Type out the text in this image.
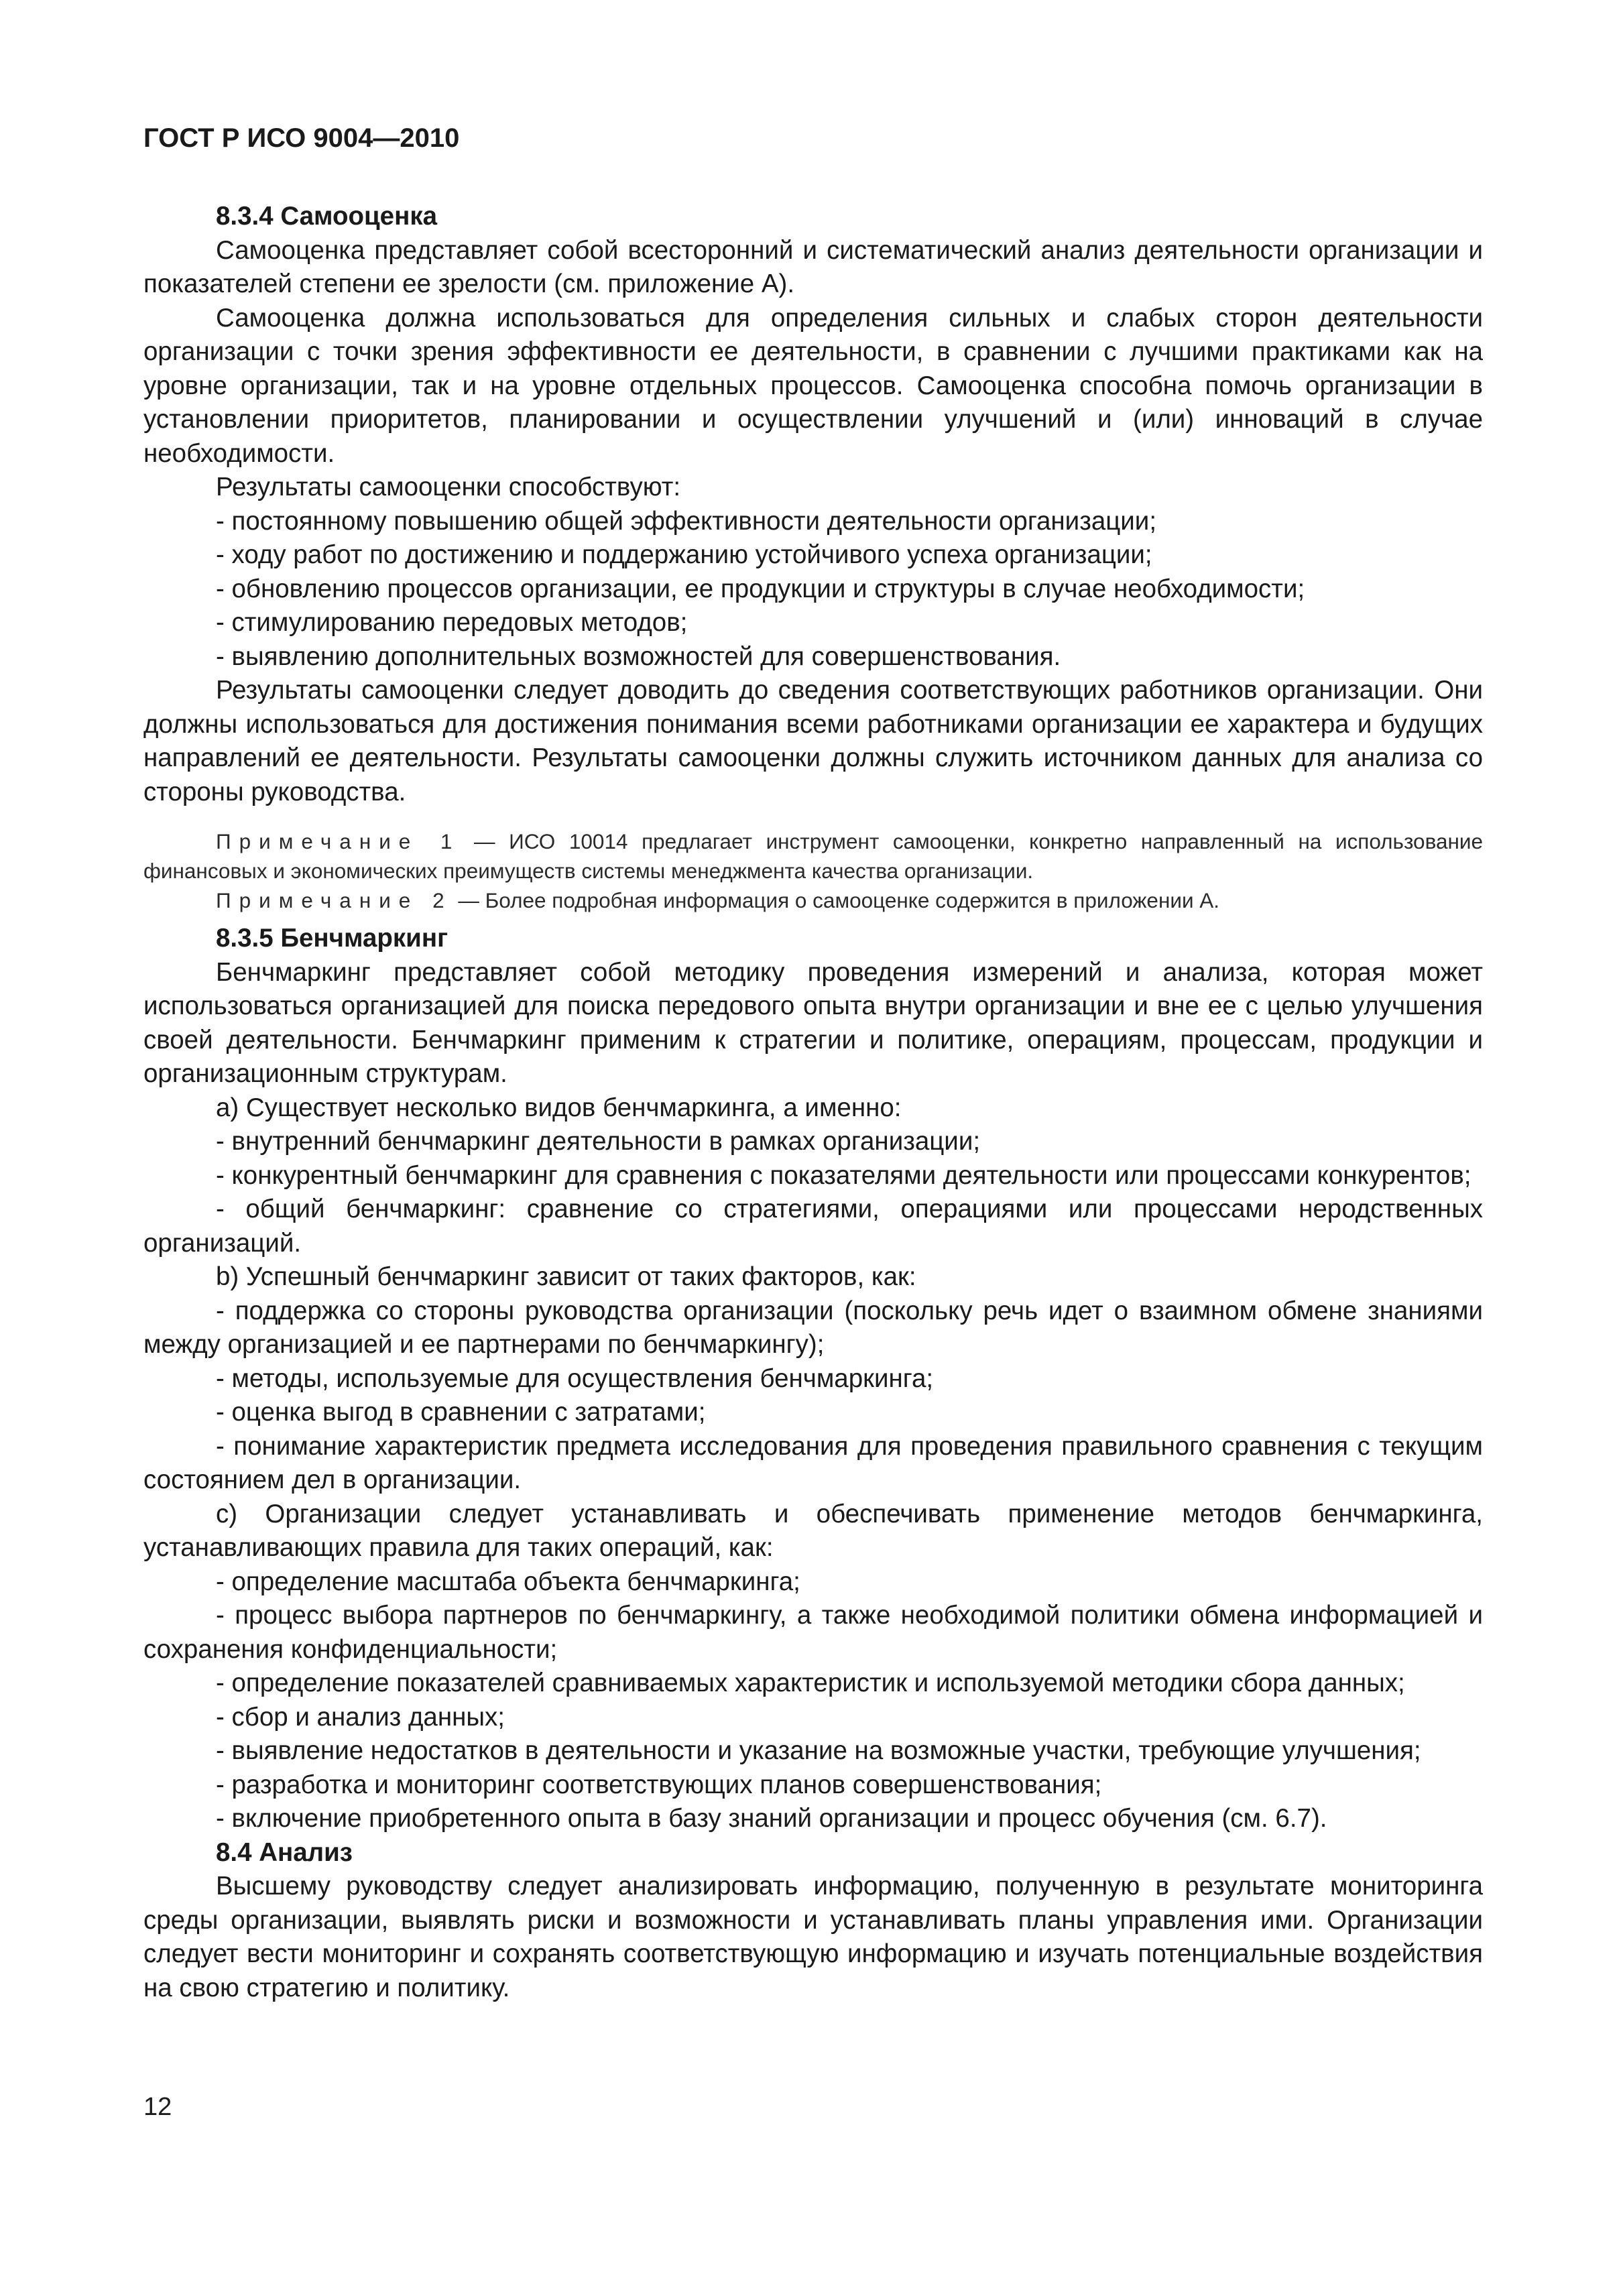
ГОСТ Р ИСО 9004—2010

8.3.4 Самооценка

Самооценка представляет собой всесторонний и систематический анализ деятельности организации и показателей степени ее зрелости (см. приложение А).

Самооценка должна использоваться для определения сильных и слабых сторон деятельности организации с точки зрения эффективности ее деятельности, в сравнении с лучшими практиками как на уровне организации, так и на уровне отдельных процессов. Самооценка способна помочь организации в установлении приоритетов, планировании и осуществлении улучшений и (или) инноваций в случае необходимости.

Результаты самооценки способствуют:

- постоянному повышению общей эффективности деятельности организации;

- ходу работ по достижению и поддержанию устойчивого успеха организации;

- обновлению процессов организации, ее продукции и структуры в случае необходимости;

- стимулированию передовых методов;

- выявлению дополнительных возможностей для совершенствования.

Результаты самооценки следует доводить до сведения соответствующих работников организации. Они должны использоваться для достижения понимания всеми работниками организации ее характера и будущих направлений ее деятельности. Результаты самооценки должны служить источником данных для анализа со стороны руководства.

Примечание 1 — ИСО 10014 предлагает инструмент самооценки, конкретно направленный на использование финансовых и экономических преимуществ системы менеджмента качества организации.

Примечание 2 — Более подробная информация о самооценке содержится в приложении А.

8.3.5 Бенчмаркинг

Бенчмаркинг представляет собой методику проведения измерений и анализа, которая может использоваться организацией для поиска передового опыта внутри организации и вне ее с целью улучшения своей деятельности. Бенчмаркинг применим к стратегии и политике, операциям, процессам, продукции и организационным структурам.

а) Существует несколько видов бенчмаркинга, а именно:

- внутренний бенчмаркинг деятельности в рамках организации;

- конкурентный бенчмаркинг для сравнения с показателями деятельности или процессами конкурентов;

- общий бенчмаркинг: сравнение со стратегиями, операциями или процессами неродственных организаций.

b) Успешный бенчмаркинг зависит от таких факторов, как:

- поддержка со стороны руководства организации (поскольку речь идет о взаимном обмене знаниями между организацией и ее партнерами по бенчмаркингу);

- методы, используемые для осуществления бенчмаркинга;

- оценка выгод в сравнении с затратами;

- понимание характеристик предмета исследования для проведения правильного сравнения с текущим состоянием дел в организации.

с) Организации следует устанавливать и обеспечивать применение методов бенчмаркинга, устанавливающих правила для таких операций, как:

- определение масштаба объекта бенчмаркинга;

- процесс выбора партнеров по бенчмаркингу, а также необходимой политики обмена информацией и сохранения конфиденциальности;

- определение показателей сравниваемых характеристик и используемой методики сбора данных;

- сбор и анализ данных;

- выявление недостатков в деятельности и указание на возможные участки, требующие улучшения;

- разработка и мониторинг соответствующих планов совершенствования;

- включение приобретенного опыта в базу знаний организации и процесс обучения (см. 6.7).

8.4 Анализ

Высшему руководству следует анализировать информацию, полученную в результате мониторинга среды организации, выявлять риски и возможности и устанавливать планы управления ими. Организации следует вести мониторинг и сохранять соответствующую информацию и изучать потенциальные воздействия на свою стратегию и политику.

12
